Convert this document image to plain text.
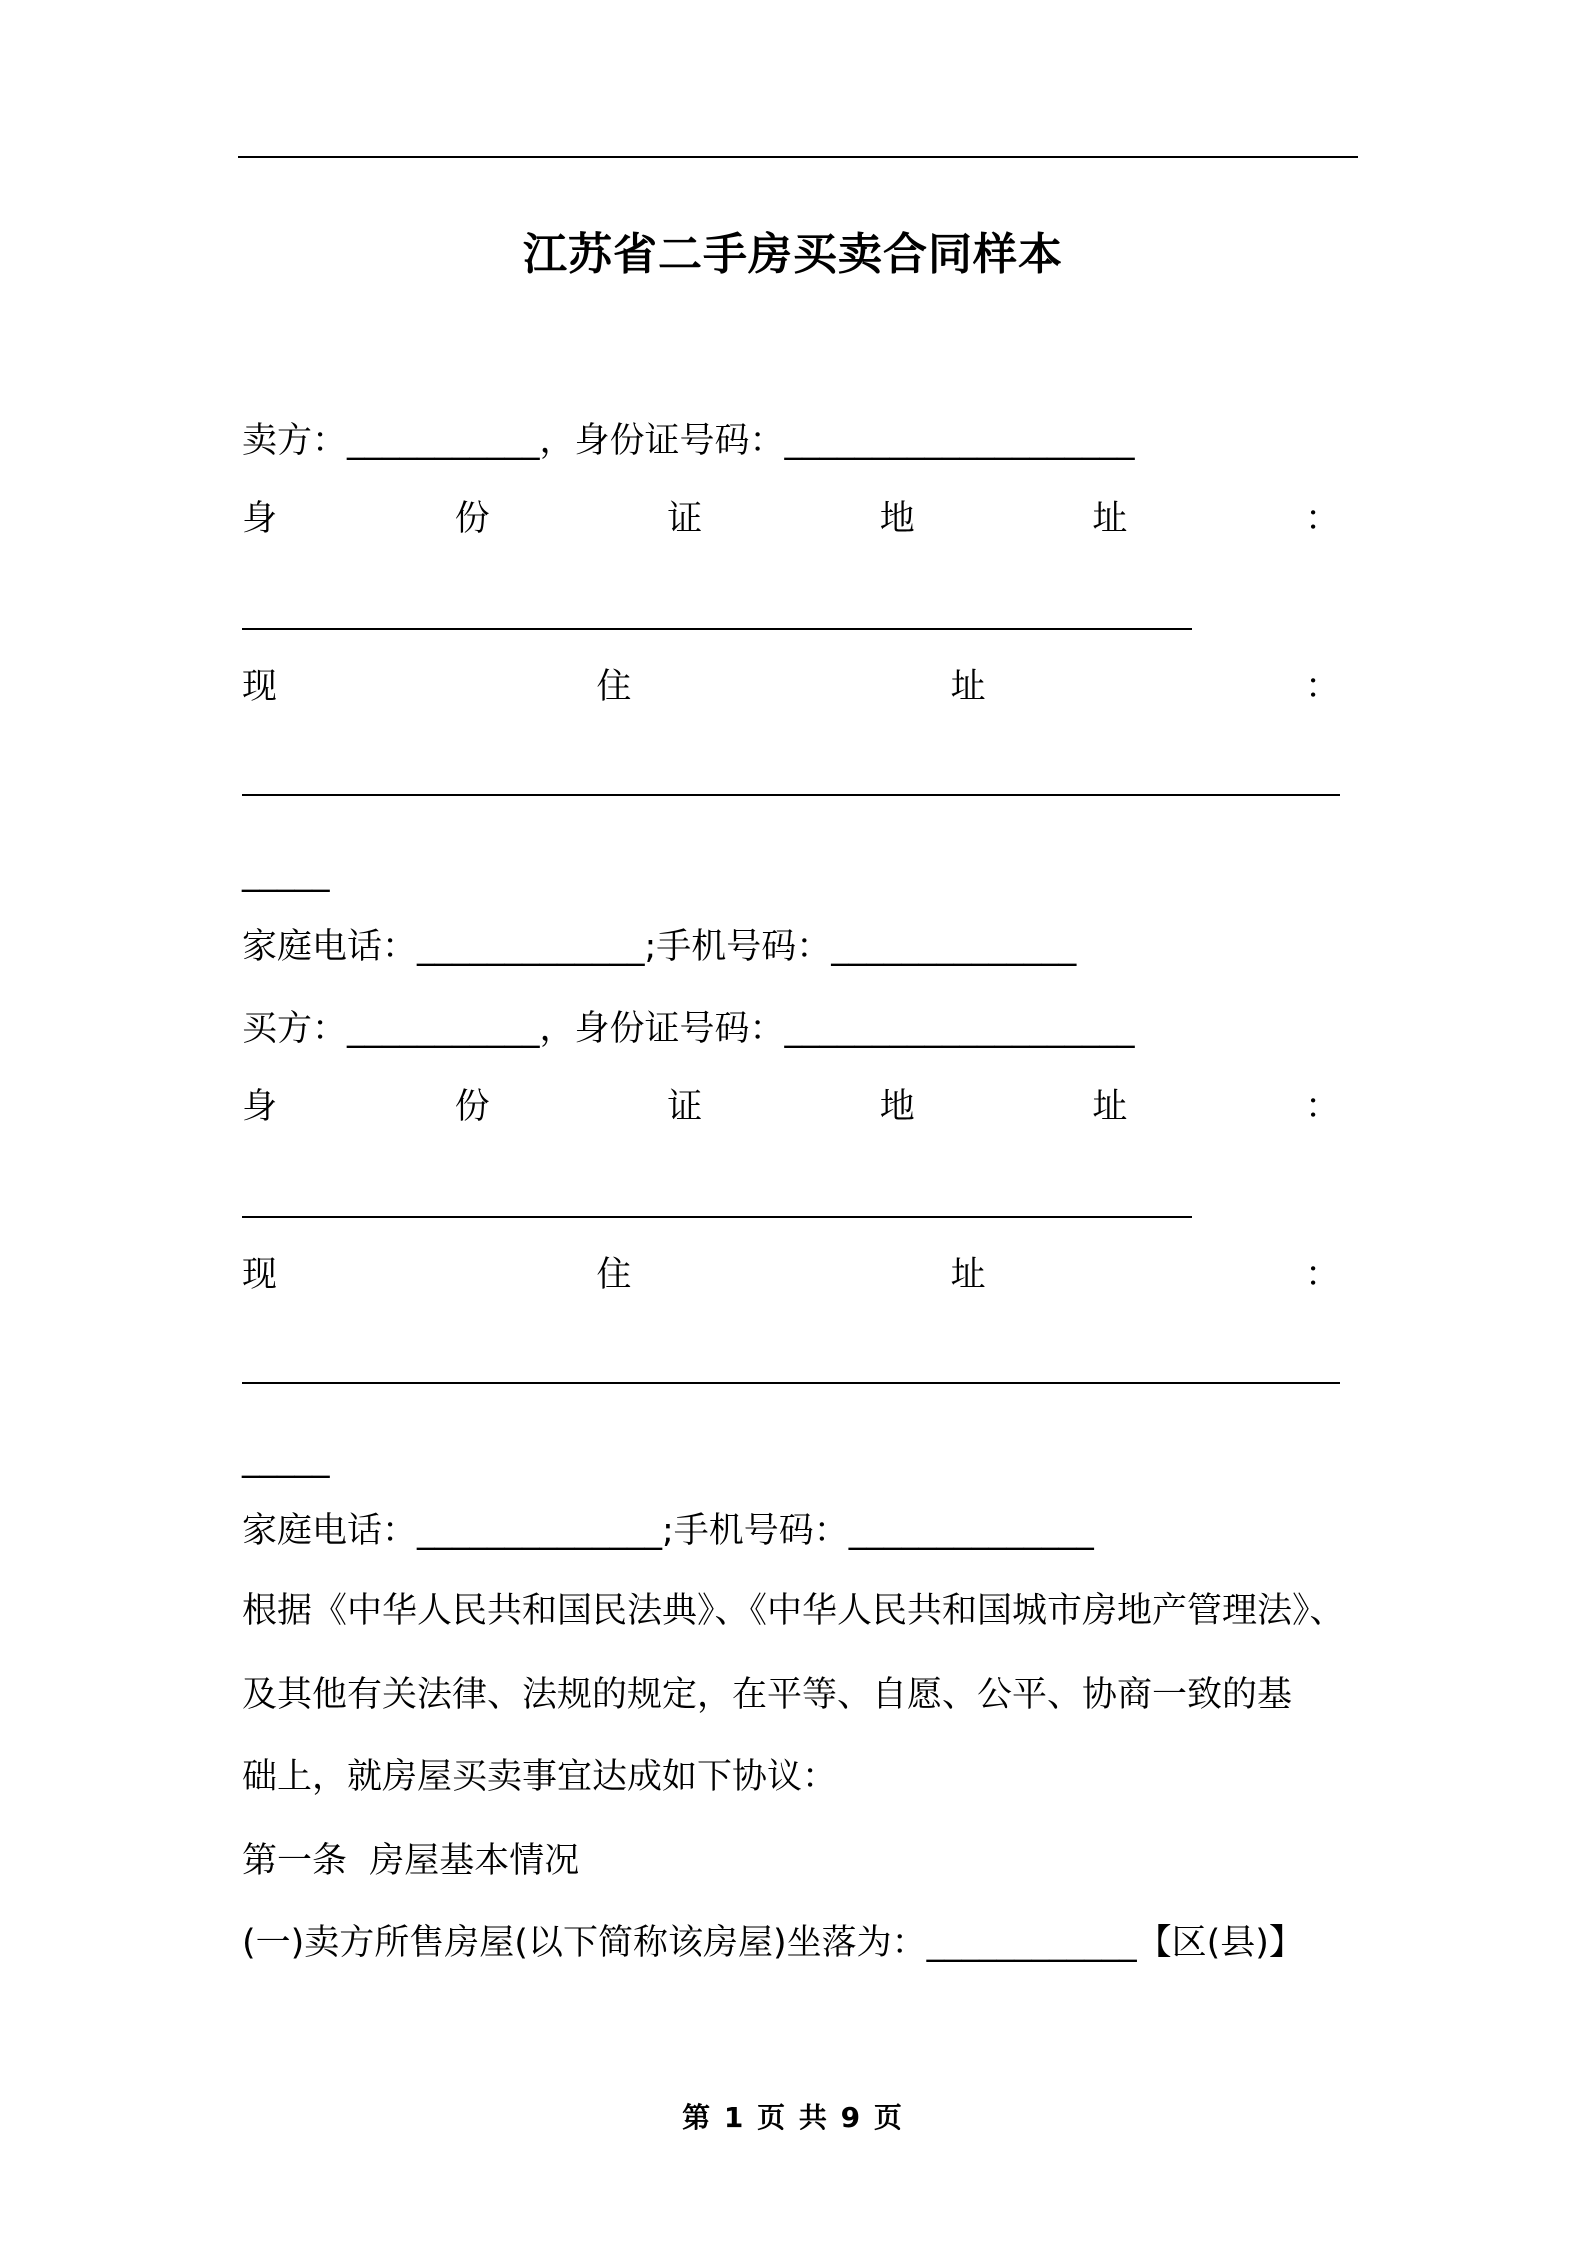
江苏省二手房买卖合同样本
卖方：___________，身份证号码：____________________
身	份	证	地	址	：
现	住	址	：
_____
家庭电话：_____________;手机号码：______________
买方：___________，身份证号码：____________________
身	份	证	地	址	：
现	住	址	：
_____
家庭电话：______________;手机号码：______________
根据《中华人民共和国民法典》、《中华人民共和国城市房地产管理法》、
及其他有关法律、法规的规定，在平等、自愿、公平、协商一致的基
础上，就房屋买卖事宜达成如下协议：
第一条  房屋基本情况
(一)卖方所售房屋(以下简称该房屋)坐落为：____________【区(县)】
第 1 页 共 9 页
